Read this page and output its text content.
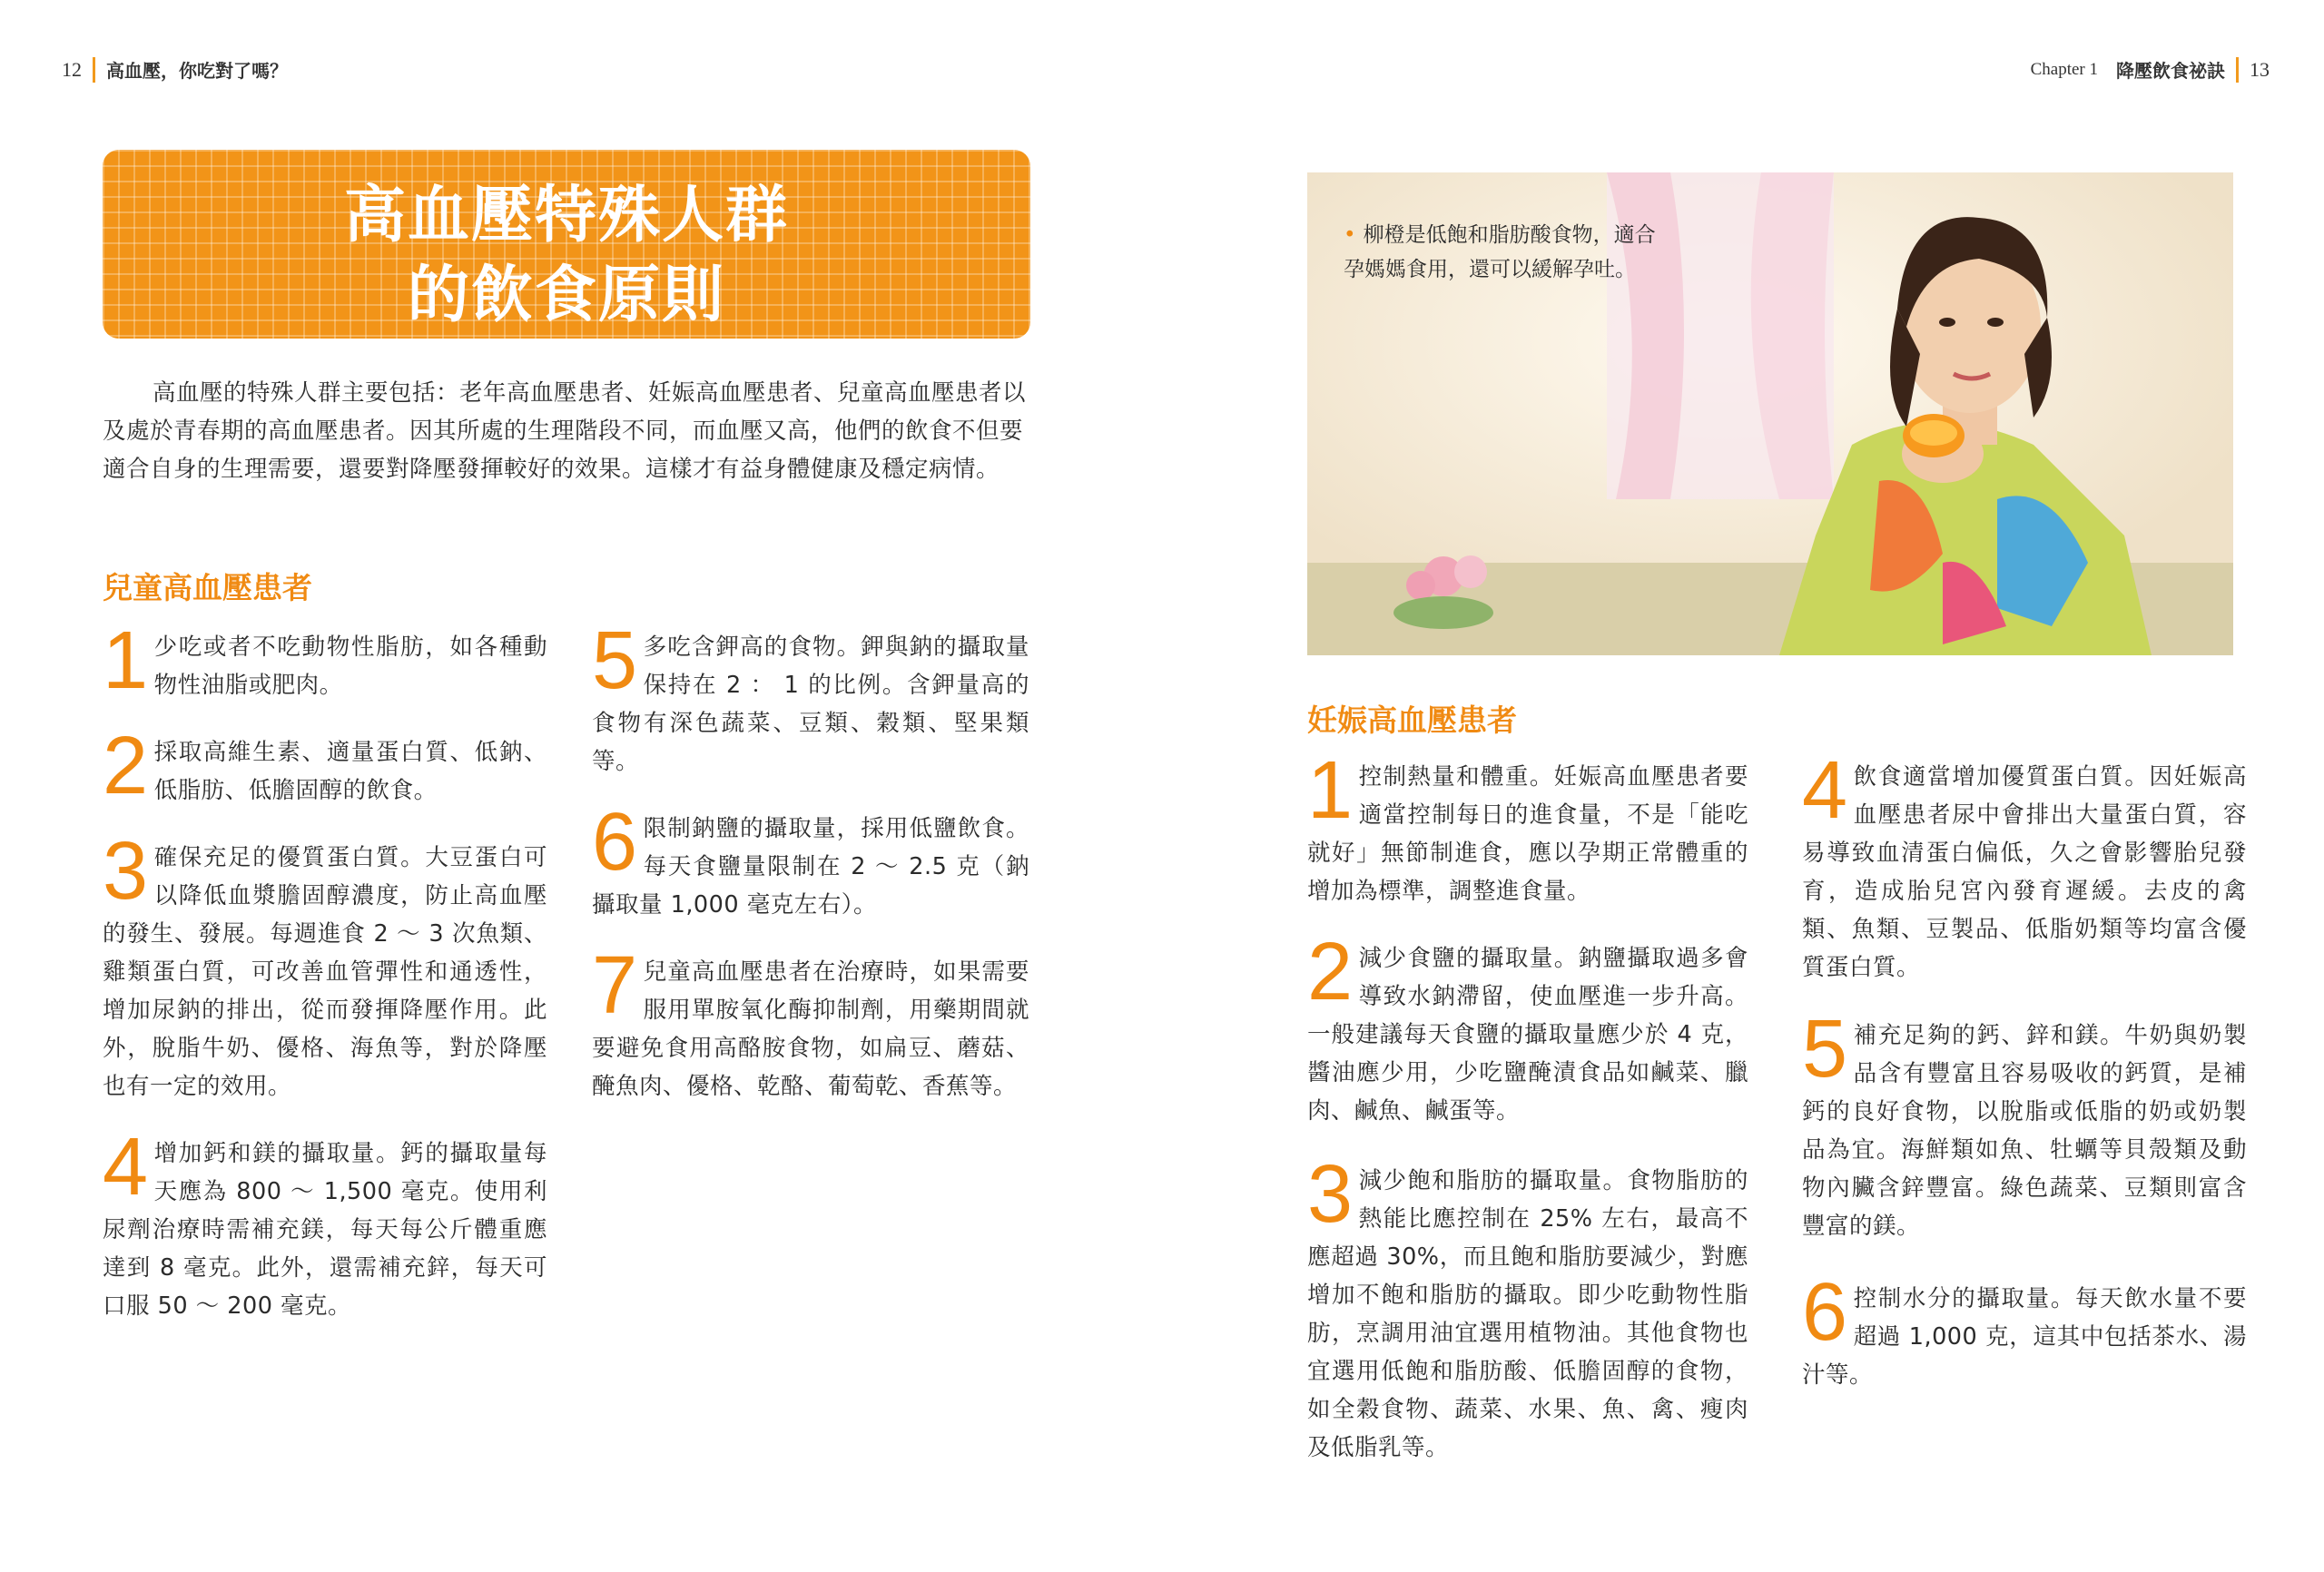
12 高血壓，你吃對了嗎？	Chapter 1 降壓飲食祕訣 13
高血壓特殊人群
的飲食原則
高血壓的特殊人群主要包括：老年高血壓患者、妊娠高血壓患者、兒童高血壓患者以及處於青春期的高血壓患者。因其所處的生理階段不同，而血壓又高，他們的飲食不但要適合自身的生理需要，還要對降壓發揮較好的效果。這樣才有益身體健康及穩定病情。
兒童高血壓患者
1 少吃或者不吃動物性脂肪，如各種動物性油脂或肥肉。
2 採取高維生素、適量蛋白質、低鈉、低脂肪、低膽固醇的飲食。
3 確保充足的優質蛋白質。大豆蛋白可以降低血漿膽固醇濃度，防止高血壓的發生、發展。每週進食 2 ～ 3 次魚類、雞類蛋白質，可改善血管彈性和通透性，增加尿鈉的排出，從而發揮降壓作用。此外，脫脂牛奶、優格、海魚等，對於降壓也有一定的效用。
4 增加鈣和鎂的攝取量。鈣的攝取量每天應為 800 ～ 1,500 毫克。使用利尿劑治療時需補充鎂，每天每公斤體重應達到 8 毫克。此外，還需補充鋅，每天可口服 50 ～ 200 毫克。
5 多吃含鉀高的食物。鉀與鈉的攝取量保持在 2 ： 1 的比例。含鉀量高的食物有深色蔬菜、豆類、穀類、堅果類等。
6 限制鈉鹽的攝取量，採用低鹽飲食。每天食鹽量限制在 2 ～ 2.5 克（鈉攝取量 1,000 毫克左右）。
7 兒童高血壓患者在治療時，如果需要服用單胺氧化酶抑制劑，用藥期間就要避免食用高酪胺食物，如扁豆、蘑菇、醃魚肉、優格、乾酪、葡萄乾、香蕉等。
• 柳橙是低飽和脂肪酸食物，適合
孕媽媽食用，還可以緩解孕吐。
妊娠高血壓患者
1 控制熱量和體重。妊娠高血壓患者要適當控制每日的進食量，不是「能吃就好」無節制進食，應以孕期正常體重的增加為標準，調整進食量。
2 減少食鹽的攝取量。鈉鹽攝取過多會導致水鈉滯留，使血壓進一步升高。一般建議每天食鹽的攝取量應少於 4 克，醬油應少用，少吃鹽醃漬食品如鹹菜、臘肉、鹹魚、鹹蛋等。
3 減少飽和脂肪的攝取量。食物脂肪的熱能比應控制在 25% 左右，最高不應超過 30%，而且飽和脂肪要減少，對應增加不飽和脂肪的攝取。即少吃動物性脂肪，烹調用油宜選用植物油。其他食物也宜選用低飽和脂肪酸、低膽固醇的食物，如全穀食物、蔬菜、水果、魚、禽、瘦肉及低脂乳等。
4 飲食適當增加優質蛋白質。因妊娠高血壓患者尿中會排出大量蛋白質，容易導致血清蛋白偏低，久之會影響胎兒發育，造成胎兒宮內發育遲緩。去皮的禽類、魚類、豆製品、低脂奶類等均富含優質蛋白質。
5 補充足夠的鈣、鋅和鎂。牛奶與奶製品含有豐富且容易吸收的鈣質，是補鈣的良好食物，以脫脂或低脂的奶或奶製品為宜。海鮮類如魚、牡蠣等貝殼類及動物內臟含鋅豐富。綠色蔬菜、豆類則富含豐富的鎂。
6 控制水分的攝取量。每天飲水量不要超過 1,000 克，這其中包括茶水、湯汁等。
